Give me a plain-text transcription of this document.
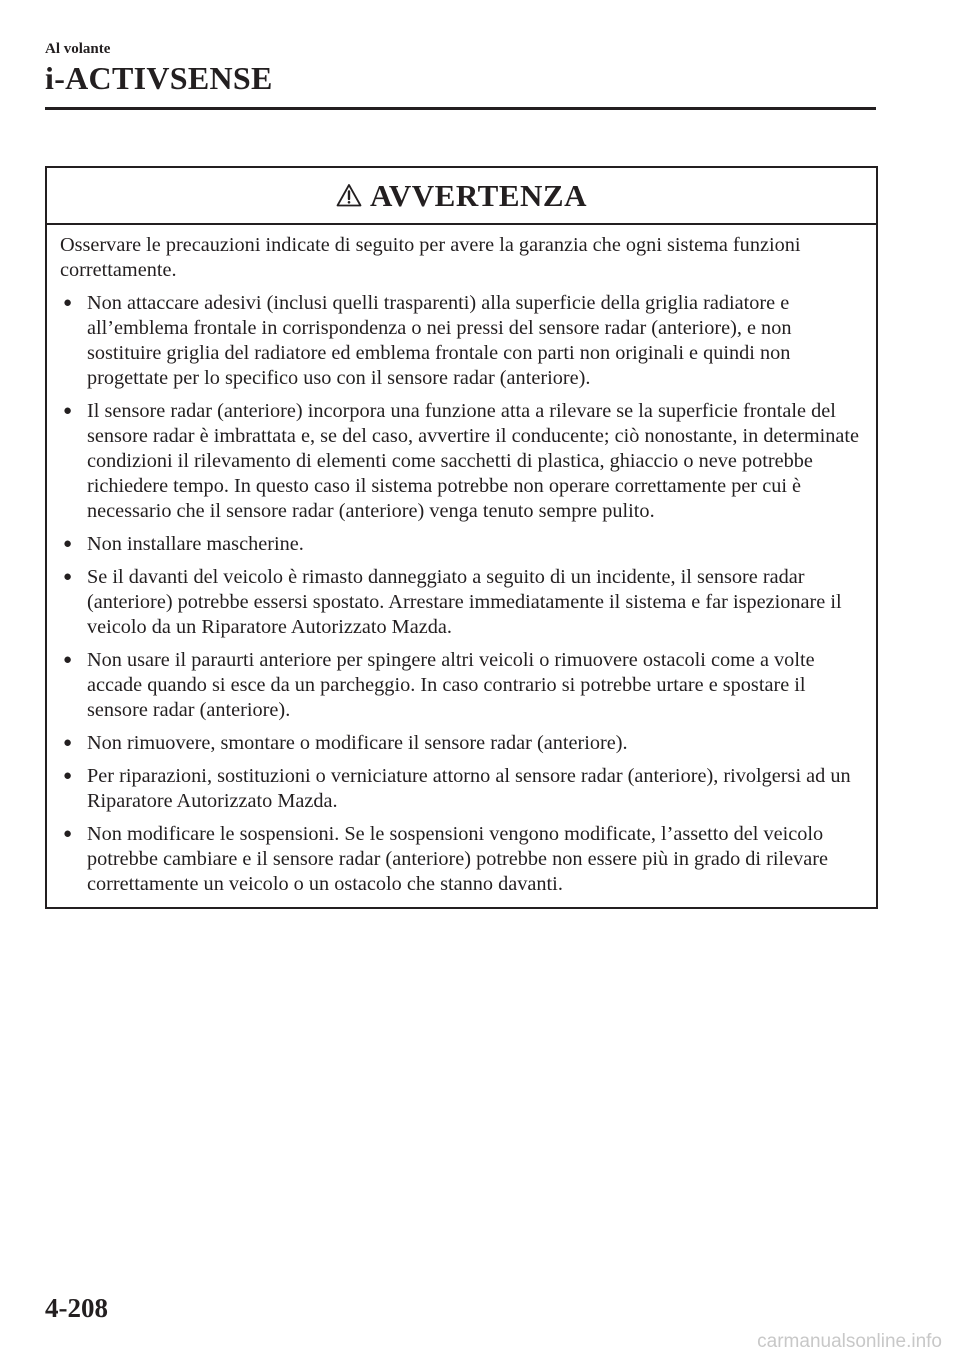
Al volante
i-ACTIVSENSE
AVVERTENZA

Osservare le precauzioni indicate di seguito per avere la garanzia che ogni sistema funzioni correttamente.

● Non attaccare adesivi (inclusi quelli trasparenti) alla superficie della griglia radiatore e all’emblema frontale in corrispondenza o nei pressi del sensore radar (anteriore), e non sostituire griglia del radiatore ed emblema frontale con parti non originali e quindi non progettate per lo specifico uso con il sensore radar (anteriore).
● Il sensore radar (anteriore) incorpora una funzione atta a rilevare se la superficie frontale del sensore radar è imbrattata e, se del caso, avvertire il conducente; ciò nonostante, in determinate condizioni il rilevamento di elementi come sacchetti di plastica, ghiaccio o neve potrebbe richiedere tempo. In questo caso il sistema potrebbe non operare correttamente per cui è necessario che il sensore radar (anteriore) venga tenuto sempre pulito.
● Non installare mascherine.
● Se il davanti del veicolo è rimasto danneggiato a seguito di un incidente, il sensore radar (anteriore) potrebbe essersi spostato. Arrestare immediatamente il sistema e far ispezionare il veicolo da un Riparatore Autorizzato Mazda.
● Non usare il paraurti anteriore per spingere altri veicoli o rimuovere ostacoli come a volte accade quando si esce da un parcheggio. In caso contrario si potrebbe urtare e spostare il sensore radar (anteriore).
● Non rimuovere, smontare o modificare il sensore radar (anteriore).
● Per riparazioni, sostituzioni o verniciature attorno al sensore radar (anteriore), rivolgersi ad un Riparatore Autorizzato Mazda.
● Non modificare le sospensioni. Se le sospensioni vengono modificate, l’assetto del veicolo potrebbe cambiare e il sensore radar (anteriore) potrebbe non essere più in grado di rilevare correttamente un veicolo o un ostacolo che stanno davanti.
4-208
carmanualsonline.info
